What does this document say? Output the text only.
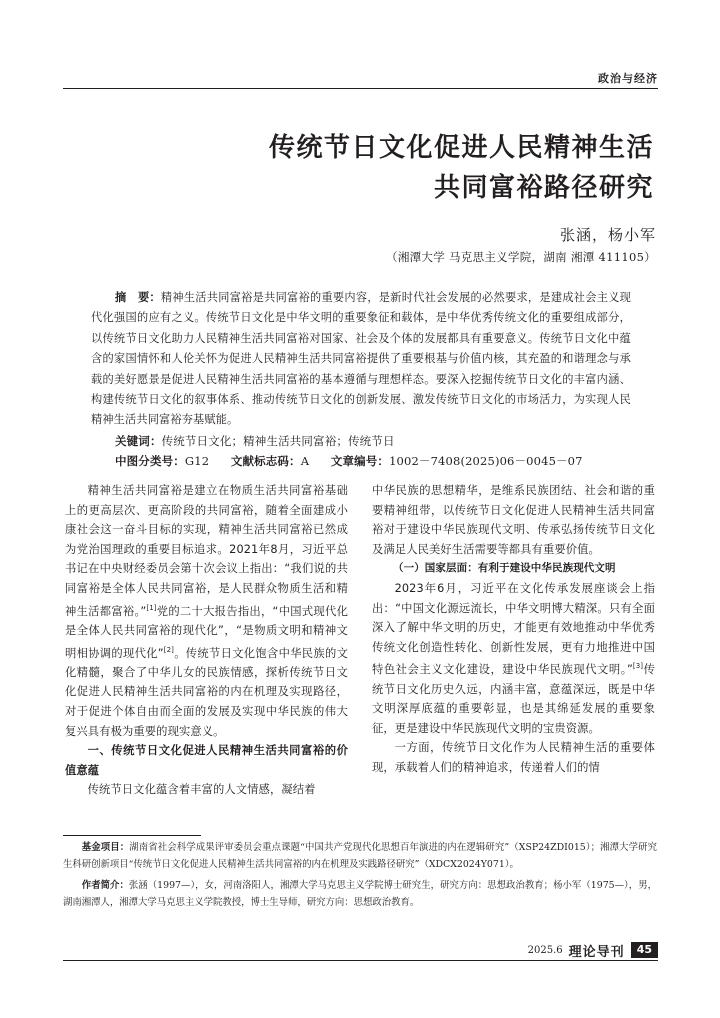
政治与经济
传统节日文化促进人民精神生活
共同富裕路径研究
张涵，杨小军
（湘潭大学 马克思主义学院，湖南 湘潭 411105）
摘　要：精神生活共同富裕是共同富裕的重要内容，是新时代社会发展的必然要求，是建成社会主义现代化强国的应有之义。传统节日文化是中华文明的重要象征和载体，是中华优秀传统文化的重要组成部分，以传统节日文化助力人民精神生活共同富裕对国家、社会及个体的发展都具有重要意义。传统节日文化中蕴含的家国情怀和人伦关怀为促进人民精神生活共同富裕提供了重要根基与价值内核，其充盈的和谐理念与承载的美好愿景是促进人民精神生活共同富裕的基本遵循与理想样态。要深入挖掘传统节日文化的丰富内涵、构建传统节日文化的叙事体系、推动传统节日文化的创新发展、激发传统节日文化的市场活力，为实现人民精神生活共同富裕夯基赋能。
关键词：传统节日文化；精神生活共同富裕；传统节日
中图分类号：G12 文献标志码：A 文章编号：1002－7408(2025)06－0045－07

精神生活共同富裕是建立在物质生活共同富裕基础上的更高层次、更高阶段的共同富裕，随着全面建成小康社会这一奋斗目标的实现，精神生活共同富裕已然成为党治国理政的重要目标追求。2021年8月，习近平总书记在中央财经委员会第十次会议上指出：“我们说的共同富裕是全体人民共同富裕，是人民群众物质生活和精神生活都富裕。”[1]党的二十大报告指出，“中国式现代化是全体人民共同富裕的现代化”，“是物质文明和精神文明相协调的现代化”[2]。传统节日文化饱含中华民族的文化精髓，聚合了中华儿女的民族情感，探析传统节日文化促进人民精神生活共同富裕的内在机理及实现路径，对于促进个体自由而全面的发展及实现中华民族的伟大复兴具有极为重要的现实意义。

一、传统节日文化促进人民精神生活共同富裕的价值意蕴

传统节日文化蕴含着丰富的人文情感，凝结着

中华民族的思想精华，是维系民族团结、社会和谐的重要精神纽带，以传统节日文化促进人民精神生活共同富裕对于建设中华民族现代文明、传承弘扬传统节日文化及满足人民美好生活需要等都具有重要价值。

（一）国家层面：有利于建设中华民族现代文明

2023年6月，习近平在文化传承发展座谈会上指出：“中国文化源远流长，中华文明博大精深。只有全面深入了解中华文明的历史，才能更有效地推动中华优秀传统文化创造性转化、创新性发展，更有力地推进中国特色社会主义文化建设，建设中华民族现代文明。”[3]传统节日文化历史久远，内涵丰富，意蕴深远，既是中华文明深厚底蕴的重要彰显，也是其绵延发展的重要象征，更是建设中华民族现代文明的宝贵资源。

一方面，传统节日文化作为人民精神生活的重要体现，承载着人们的精神追求，传递着人们的情

基金项目：湖南省社会科学成果评审委员会重点课题“中国共产党现代化思想百年演进的内在逻辑研究”（XSP24ZDI015）；湘潭大学研究生科研创新项目“传统节日文化促进人民精神生活共同富裕的内在机理及实践路径研究”（XDCX2024Y071）。

作者简介：张涵（1997—），女，河南洛阳人，湘潭大学马克思主义学院博士研究生，研究方向：思想政治教育；杨小军（1975—），男，湖南湘潭人，湘潭大学马克思主义学院教授，博士生导师，研究方向：思想政治教育。

2025.6 理论导刊	45
